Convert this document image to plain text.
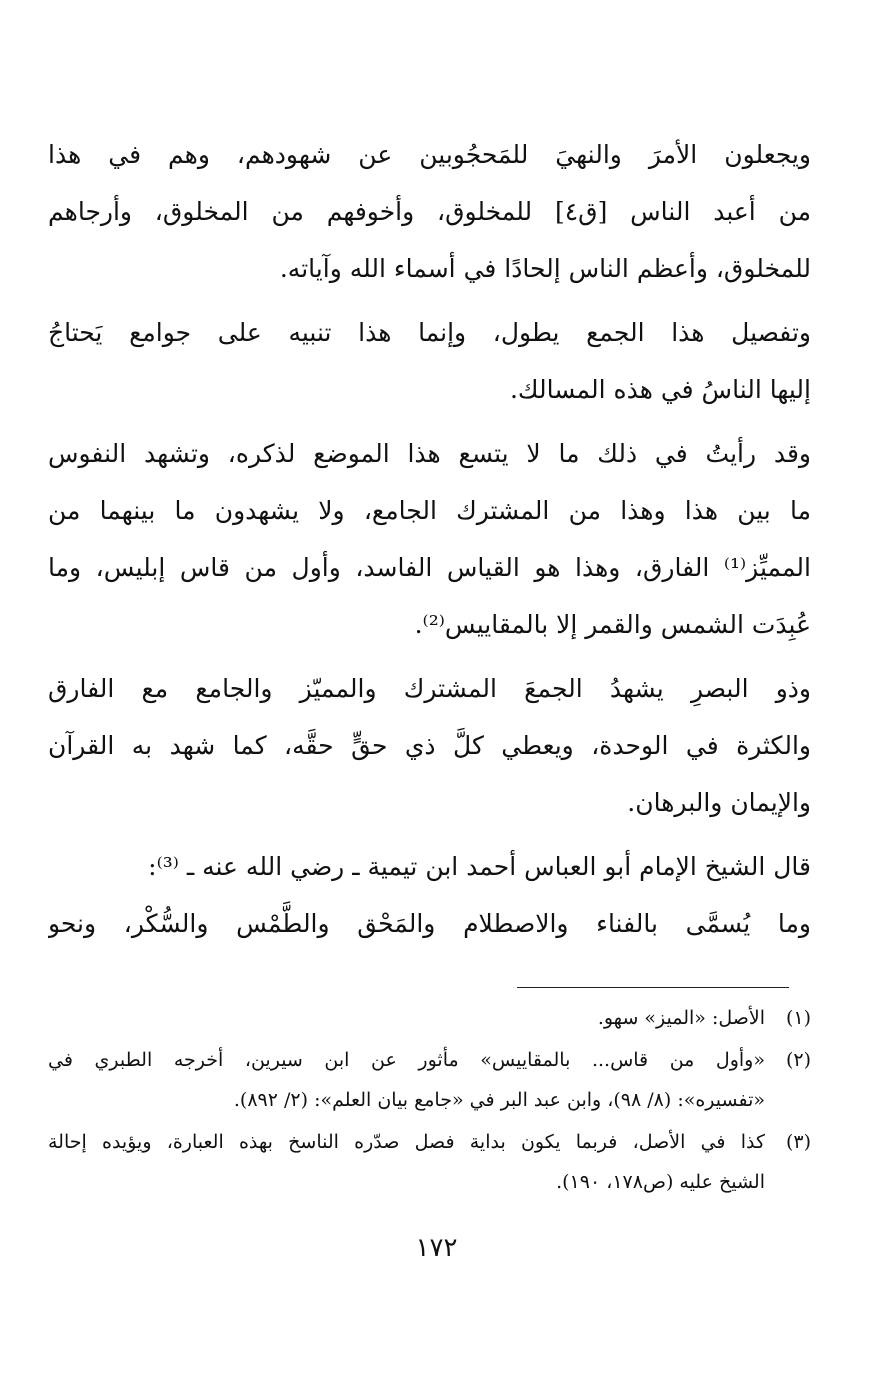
ويجعلون الأمرَ والنهيَ للمَحجُوبين عن شهودهم، وهم في هذا
من أعبد الناس [ق٤] للمخلوق، وأخوفهم من المخلوق، وأرجاهم
للمخلوق، وأعظم الناس إلحادًا في أسماء الله وآياته.
وتفصيل هذا الجمع يطول، وإنما هذا تنبيه على جوامع يَحتاجُ
إليها الناسُ في هذه المسالك.
وقد رأيتُ في ذلك ما لا يتسع هذا الموضع لذكره، وتشهد النفوس
ما بين هذا وهذا من المشترك الجامع، ولا يشهدون ما بينهما من
المميِّز⁽¹⁾ الفارق، وهذا هو القياس الفاسد، وأول من قاس إبليس، وما
عُبِدَت الشمس والقمر إلا بالمقاييس⁽²⁾.
وذو البصرِ يشهدُ الجمعَ المشترك والمميّز والجامع مع الفارق
والكثرة في الوحدة، ويعطي كلَّ ذي حقٍّ حقَّه، كما شهد به القرآن
والإيمان والبرهان.
قال الشيخ الإمام أبو العباس أحمد ابن تيمية ـ رضي الله عنه ـ ⁽³⁾:
وما يُسمَّى بالفناء والاصطلام والمَحْق والطَّمْس والسُّكْر، ونحو
(١)
الأصل: «الميز» سهو.
(٢)
«وأول من قاس... بالمقاييس» مأثور عن ابن سيرين، أخرجه الطبري في
«تفسيره»: (٨/ ٩٨)، وابن عبد البر في «جامع بيان العلم»: (٢/ ٨٩٢).
(٣)
كذا في الأصل، فربما يكون بداية فصل صدّره الناسخ بهذه العبارة، ويؤيده إحالة
الشيخ عليه (ص١٧٨، ١٩٠).
١٧٢
